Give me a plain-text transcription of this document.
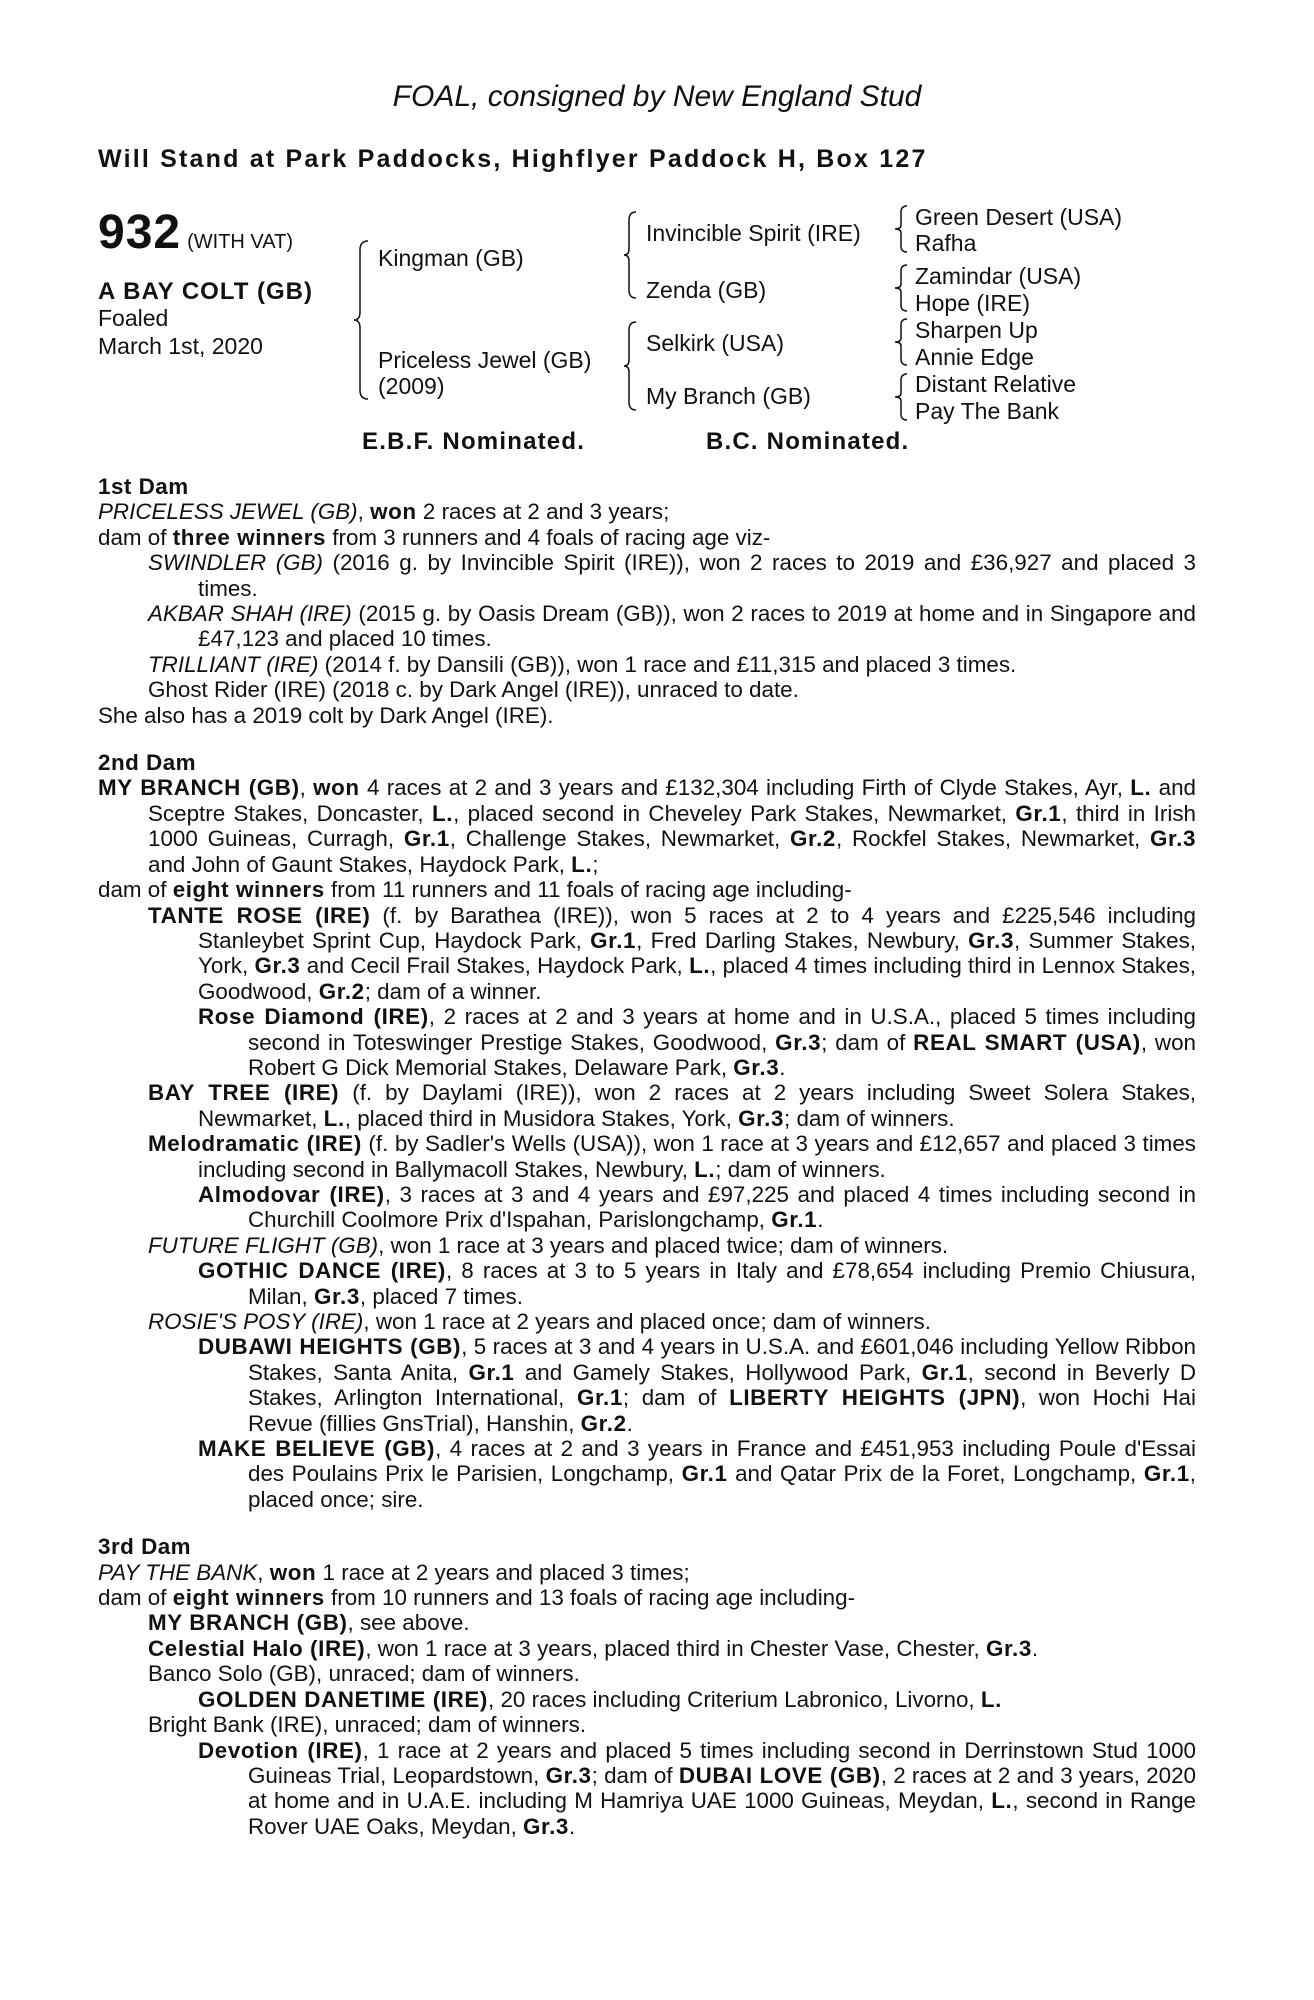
FOAL, consigned by New England Stud
Will Stand at Park Paddocks, Highflyer Paddock H, Box 127
932 (WITH VAT)
A BAY COLT (GB)
Foaled
March 1st, 2020
Kingman (GB)
Priceless Jewel (GB)
(2009)
Invincible Spirit (IRE)
Zenda (GB)
Selkirk (USA)
My Branch (GB)
Green Desert (USA)
Rafha
Zamindar (USA)
Hope (IRE)
Sharpen Up
Annie Edge
Distant Relative
Pay The Bank
E.B.F. Nominated.	B.C. Nominated.
1st Dam

PRICELESS JEWEL (GB), won 2 races at 2 and 3 years;

dam of three winners from 3 runners and 4 foals of racing age viz-

SWINDLER (GB) (2016 g. by Invincible Spirit (IRE)), won 2 races to 2019 and £36,927 and placed 3 times.

AKBAR SHAH (IRE) (2015 g. by Oasis Dream (GB)), won 2 races to 2019 at home and in Singapore and £47,123 and placed 10 times.

TRILLIANT (IRE) (2014 f. by Dansili (GB)), won 1 race and £11,315 and placed 3 times.

Ghost Rider (IRE) (2018 c. by Dark Angel (IRE)), unraced to date.

She also has a 2019 colt by Dark Angel (IRE).

2nd Dam

MY BRANCH (GB), won 4 races at 2 and 3 years and £132,304 including Firth of Clyde Stakes, Ayr, L. and Sceptre Stakes, Doncaster, L., placed second in Cheveley Park Stakes, Newmarket, Gr.1, third in Irish 1000 Guineas, Curragh, Gr.1, Challenge Stakes, Newmarket, Gr.2, Rockfel Stakes, Newmarket, Gr.3 and John of Gaunt Stakes, Haydock Park, L.;

dam of eight winners from 11 runners and 11 foals of racing age including-

TANTE ROSE (IRE) (f. by Barathea (IRE)), won 5 races at 2 to 4 years and £225,546 including Stanleybet Sprint Cup, Haydock Park, Gr.1, Fred Darling Stakes, Newbury, Gr.3, Summer Stakes, York, Gr.3 and Cecil Frail Stakes, Haydock Park, L., placed 4 times including third in Lennox Stakes, Goodwood, Gr.2; dam of a winner.

Rose Diamond (IRE), 2 races at 2 and 3 years at home and in U.S.A., placed 5 times including second in Toteswinger Prestige Stakes, Goodwood, Gr.3; dam of REAL SMART (USA), won Robert G Dick Memorial Stakes, Delaware Park, Gr.3.

BAY TREE (IRE) (f. by Daylami (IRE)), won 2 races at 2 years including Sweet Solera Stakes, Newmarket, L., placed third in Musidora Stakes, York, Gr.3; dam of winners.

Melodramatic (IRE) (f. by Sadler's Wells (USA)), won 1 race at 3 years and £12,657 and placed 3 times including second in Ballymacoll Stakes, Newbury, L.; dam of winners.

Almodovar (IRE), 3 races at 3 and 4 years and £97,225 and placed 4 times including second in Churchill Coolmore Prix d'Ispahan, Parislongchamp, Gr.1.

FUTURE FLIGHT (GB), won 1 race at 3 years and placed twice; dam of winners.

GOTHIC DANCE (IRE), 8 races at 3 to 5 years in Italy and £78,654 including Premio Chiusura, Milan, Gr.3, placed 7 times.

ROSIE'S POSY (IRE), won 1 race at 2 years and placed once; dam of winners.

DUBAWI HEIGHTS (GB), 5 races at 3 and 4 years in U.S.A. and £601,046 including Yellow Ribbon Stakes, Santa Anita, Gr.1 and Gamely Stakes, Hollywood Park, Gr.1, second in Beverly D Stakes, Arlington International, Gr.1; dam of LIBERTY HEIGHTS (JPN), won Hochi Hai Revue (fillies GnsTrial), Hanshin, Gr.2.

MAKE BELIEVE (GB), 4 races at 2 and 3 years in France and £451,953 including Poule d'Essai des Poulains Prix le Parisien, Longchamp, Gr.1 and Qatar Prix de la Foret, Longchamp, Gr.1, placed once; sire.

3rd Dam

PAY THE BANK, won 1 race at 2 years and placed 3 times;

dam of eight winners from 10 runners and 13 foals of racing age including-

MY BRANCH (GB), see above.

Celestial Halo (IRE), won 1 race at 3 years, placed third in Chester Vase, Chester, Gr.3.

Banco Solo (GB), unraced; dam of winners.

GOLDEN DANETIME (IRE), 20 races including Criterium Labronico, Livorno, L.

Bright Bank (IRE), unraced; dam of winners.

Devotion (IRE), 1 race at 2 years and placed 5 times including second in Derrinstown Stud 1000 Guineas Trial, Leopardstown, Gr.3; dam of DUBAI LOVE (GB), 2 races at 2 and 3 years, 2020 at home and in U.A.E. including M Hamriya UAE 1000 Guineas, Meydan, L., second in Range Rover UAE Oaks, Meydan, Gr.3.
